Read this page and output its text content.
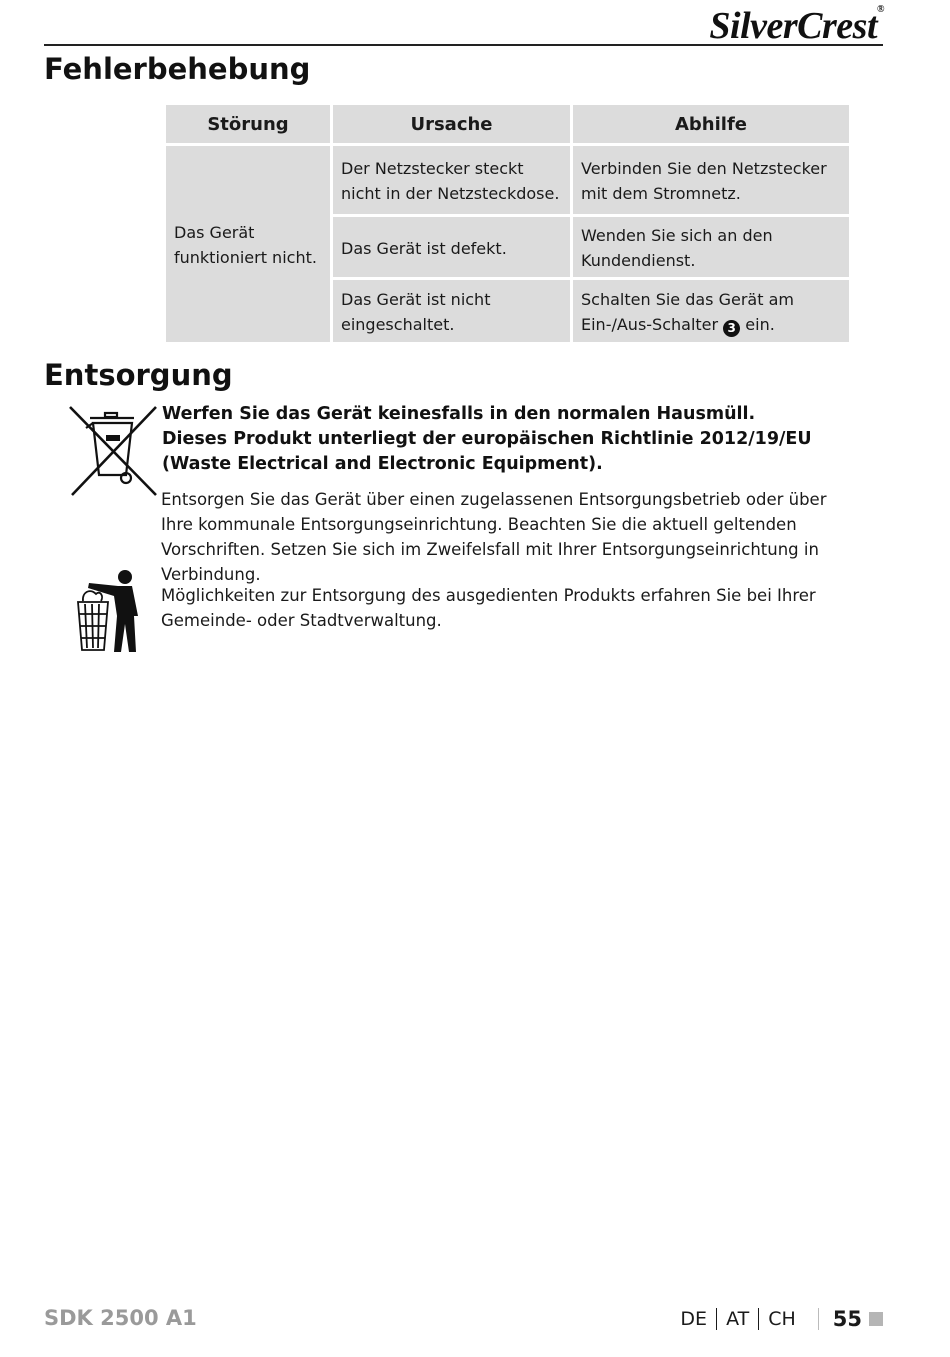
SilverCrest®
Fehlerbehebung
Störung	Ursache	Abhilfe
Das Gerät funktioniert nicht.	Der Netzstecker steckt nicht in der Netzsteckdose.	Verbinden Sie den Netzstecker mit dem Stromnetz.
	Das Gerät ist defekt.	Wenden Sie sich an den Kundendienst.
	Das Gerät ist nicht eingeschaltet.	Schalten Sie das Gerät am Ein-/Aus-Schalter 3 ein.
Entsorgung
Werfen Sie das Gerät keinesfalls in den normalen Hausmüll.
Dieses Produkt unterliegt der europäischen Richtlinie 2012/19/EU
(Waste Electrical and Electronic Equipment).
Entsorgen Sie das Gerät über einen zugelassenen Entsorgungsbetrieb oder über Ihre kommunale Entsorgungseinrichtung. Beachten Sie die aktuell geltenden Vorschriften. Setzen Sie sich im Zweifelsfall mit Ihrer Entsorgungseinrichtung in Verbindung.
Möglichkeiten zur Entsorgung des ausgedienten Produkts erfahren Sie bei Ihrer Gemeinde- oder Stadtverwaltung.
SDK 2500 A1	DE AT CH 55
